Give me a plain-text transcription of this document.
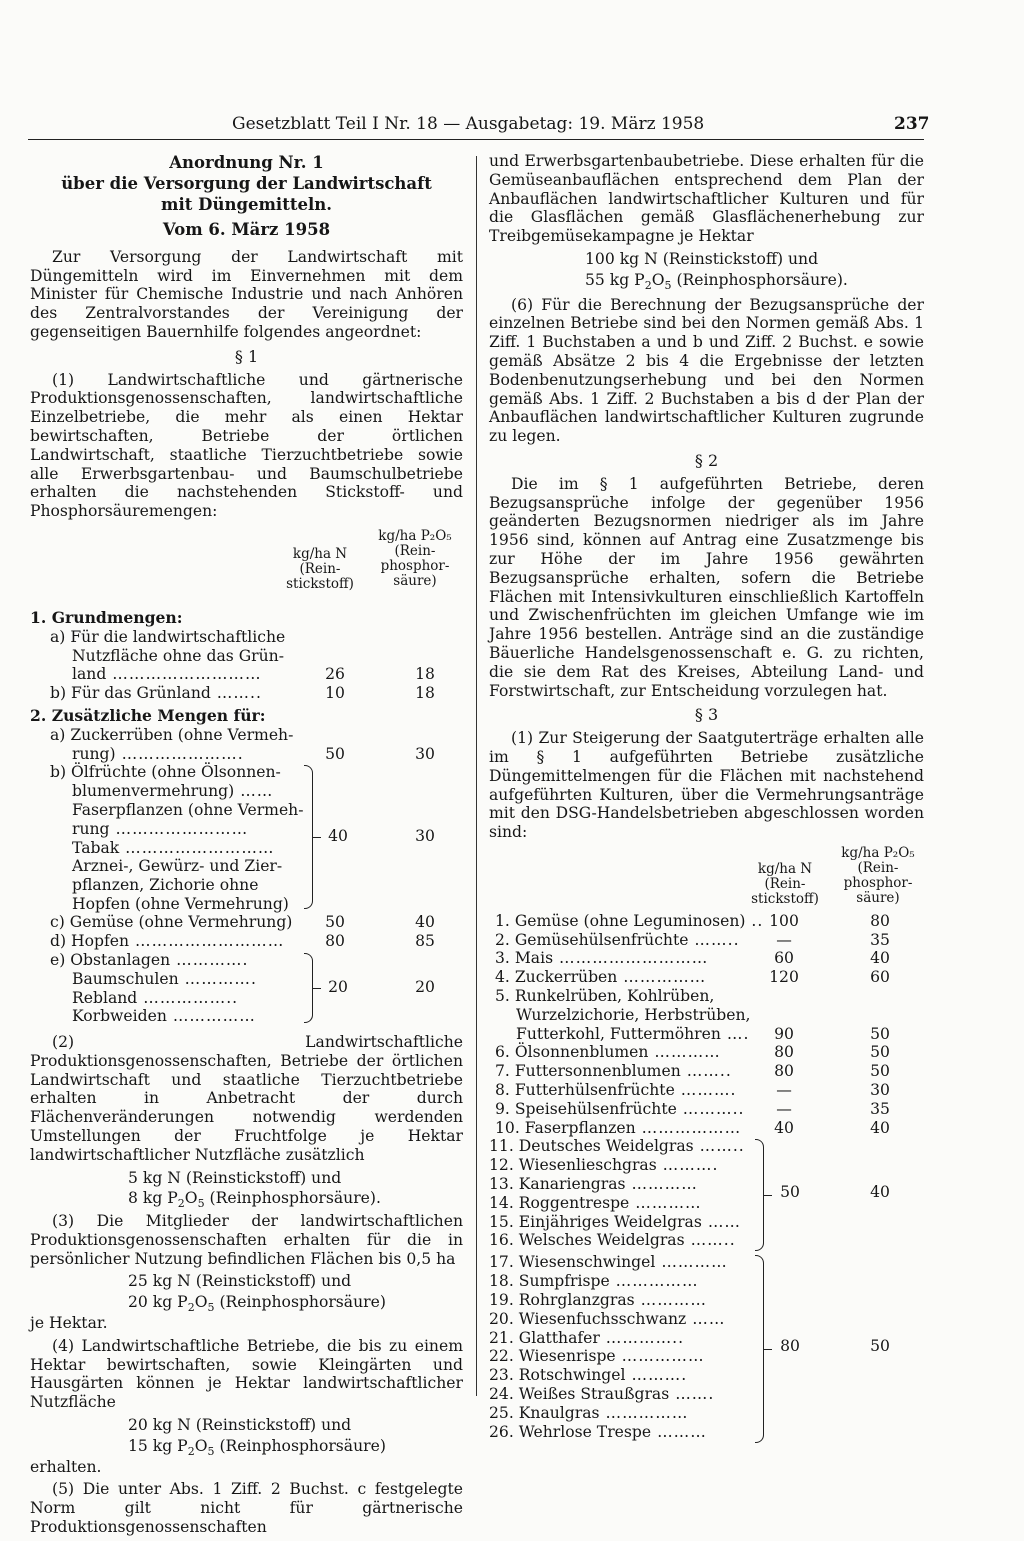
Gesetzblatt Teil I Nr. 18 — Ausgabetag: 19. März 1958	237

Anordnung Nr. 1

über die Versorgung der Landwirtschaft

mit Düngemitteln.

Vom 6. März 1958

Zur Versorgung der Landwirtschaft mit Düngemitteln wird im Einvernehmen mit dem Minister für Chemische Industrie und nach Anhören des Zentralvorstandes der Vereinigung der gegenseitigen Bauernhilfe folgendes angeordnet:

§ 1

(1) Landwirtschaftliche und gärtnerische Produktionsgenossenschaften, landwirtschaftliche Einzelbetriebe, die mehr als einen Hektar bewirtschaften, Betriebe der örtlichen Landwirtschaft, staatliche Tierzuchtbetriebe sowie alle Erwerbsgartenbau- und Baumschulbetriebe erhalten die nachstehenden Stickstoff- und Phosphorsäuremengen:

kg/ha N
(Rein-
stickstoff)
kg/ha P₂O₅
(Rein-
phosphor-
säure)
1. Grundmengen:
a) Für die landwirtschaftliche
Nutzfläche ohne das Grün-
land ………………………	26	18
b) Für das Grünland ……..	10	18
2. Zusätzliche Mengen für:
a) Zuckerrüben (ohne Vermeh-
rung) ………………….	50	30
b) Ölfrüchte (ohne Ölsonnen-
blumenvermehrung) ……
Faserpflanzen (ohne Vermeh-
rung ……………………
Tabak ………………………
Arznei-, Gewürz- und Zier-
pflanzen, Zichorie ohne
Hopfen (ohne Vermehrung)
40	30
c) Gemüse (ohne Vermehrung)	50	40
d) Hopfen ………………………	80	85
e) Obstanlagen ………….
Baumschulen ………….
Rebland ……………..
Korbweiden ……………
20	20

(2) Landwirtschaftliche Produktionsgenossenschaften, Betriebe der örtlichen Landwirtschaft und staatliche Tierzuchtbetriebe erhalten in Anbetracht der durch Flächenveränderungen notwendig werdenden Umstellungen der Fruchtfolge je Hektar landwirtschaftlicher Nutzfläche zusätzlich

5 kg N (Reinstickstoff) und
8 kg $P_2O_5$ (Reinphosphorsäure).

(3) Die Mitglieder der landwirtschaftlichen Produktionsgenossenschaften erhalten für die in persönlicher Nutzung befindlichen Flächen bis 0,5 ha

25 kg N (Reinstickstoff) und
20 kg $P_2O_5$ (Reinphosphorsäure)

je Hektar.

(4) Landwirtschaftliche Betriebe, die bis zu einem Hektar bewirtschaften, sowie Kleingärten und Hausgärten können je Hektar landwirtschaftlicher Nutzfläche

20 kg N (Reinstickstoff) und
15 kg $P_2O_5$ (Reinphosphorsäure)

erhalten.

(5) Die unter Abs. 1 Ziff. 2 Buchst. c festgelegte Norm gilt nicht für gärtnerische Produktionsgenossenschaften

und Erwerbsgartenbaubetriebe. Diese erhalten für die Gemüseanbauflächen entsprechend dem Plan der Anbauflächen landwirtschaftlicher Kulturen und für die Glasflächen gemäß Glasflächenerhebung zur Treibgemüsekampagne je Hektar

100 kg N (Reinstickstoff) und
55 kg $P_2O_5$ (Reinphosphorsäure).

(6) Für die Berechnung der Bezugsansprüche der einzelnen Betriebe sind bei den Normen gemäß Abs. 1 Ziff. 1 Buchstaben a und b und Ziff. 2 Buchst. e sowie gemäß Absätze 2 bis 4 die Ergebnisse der letzten Bodenbenutzungserhebung und bei den Normen gemäß Abs. 1 Ziff. 2 Buchstaben a bis d der Plan der Anbauflächen landwirtschaftlicher Kulturen zugrunde zu legen.

§ 2

Die im § 1 aufgeführten Betriebe, deren Bezugsansprüche infolge der gegenüber 1956 geänderten Bezugsnormen niedriger als im Jahre 1956 sind, können auf Antrag eine Zusatzmenge bis zur Höhe der im Jahre 1956 gewährten Bezugsansprüche erhalten, sofern die Betriebe Flächen mit Intensivkulturen einschließlich Kartoffeln und Zwischenfrüchten im gleichen Umfange wie im Jahre 1956 bestellen. Anträge sind an die zuständige Bäuerliche Handelsgenossenschaft e. G. zu richten, die sie dem Rat des Kreises, Abteilung Land- und Forstwirtschaft, zur Entscheidung vorzulegen hat.

§ 3

(1) Zur Steigerung der Saatguterträge erhalten alle im § 1 aufgeführten Betriebe zusätzliche Düngemittelmengen für die Flächen mit nachstehend aufgeführten Kulturen, über die Vermehrungsanträge mit den DSG-Handelsbetrieben abgeschlossen worden sind:

kg/ha N
(Rein-
stickstoff)
kg/ha P₂O₅
(Rein-
phosphor-
säure)
1. Gemüse (ohne Leguminosen) .. 100	80
2. Gemüsehülsenfrüchte ……..	—	35
3. Mais ………………………	60	40
4. Zuckerrüben ……………	120	60
5. Runkelrüben, Kohlrüben,
Wurzelzichorie, Herbstrüben,
Futterkohl, Futtermöhren ….	90	50
6. Ölsonnenblumen …………	80	50
7. Futtersonnenblumen ……..	80	50
8. Futterhülsenfrüchte ……….	—	30
9. Speisehülsenfrüchte ………..	—	35
10. Faserpflanzen ………………	40	40
11. Deutsches Weidelgras ……..
12. Wiesenlieschgras ……….
13. Kanariengras …………
14. Roggentrespe …………
15. Einjähriges Weidelgras ……
16. Welsches Weidelgras ……..
50	40
17. Wiesenschwingel …………
18. Sumpfrispe ……………
19. Rohrglanzgras …………
20. Wiesenfuchsschwanz ……
21. Glatthafer …………..
22. Wiesenrispe ……………
23. Rotschwingel ……….
24. Weißes Straußgras …….
25. Knaulgras ……………
26. Wehrlose Trespe ………
80	50
